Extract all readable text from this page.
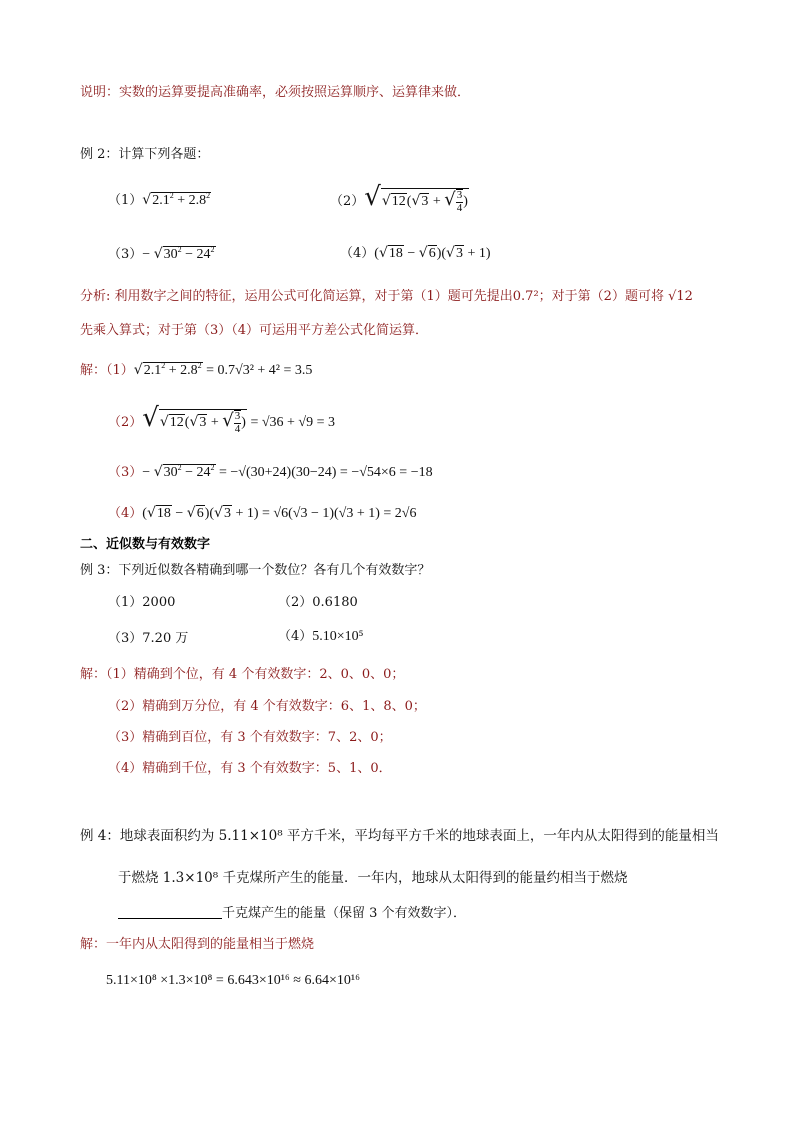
说明：实数的运算要提高准确率，必须按照运算顺序、运算律来做．
例 2：计算下列各题：
$(1)√2.1^2 + 2.8^2$	（2）√√12(√3 + √ $\frac{3}{4}$ )
$(3)- √30^2 - 24^2$	（4）(√18 − √6)(√3 + 1)
分析: 利用数字之间的特征，运用公式可化简运算，对于第（1）题可先提出0.7²；对于第（2）题可将 √12
先乘入算式；对于第（3）（4）可运用平方差公式化简运算．
解：$(1)√2.1^2 + 2.8^2 = 0.7√3^2 + 4^2 = 3.5$
（2）√√12(√3 + √ $\frac{3}{4}$ ) = √36 + √9 = 3
$(3)- √30^2 - 24^2 = -√(30+24)(30-24) = -√54\times 6 = -18$
（4）(√18 − √6)(√3 + 1) = √6(√3 − 1)(√3 + 1) = 2√6
二、近似数与有效数字
例 3：下列近似数各精确到哪一个数位？各有几个有效数字？
（1）2000	（2）0.6180
（3）7.20 万	（4）5.10×10⁵
解：（1）精确到个位，有 4 个有效数字：2、0、0、0；
（2）精确到万分位，有 4 个有效数字：6、1、8、0；
（3）精确到百位，有 3 个有效数字：7、2、0；
（4）精确到千位，有 3 个有效数字：5、1、0．
例 4：地球表面积约为 5.11×10⁸ 平方千米，平均每平方千米的地球表面上，一年内从太阳得到的能量相当
于燃烧 1.3×10⁸ 千克煤所产生的能量．一年内，地球从太阳得到的能量约相当于燃烧
千克煤产生的能量（保留 3 个有效数字）．
解：一年内从太阳得到的能量相当于燃烧
5.11×10⁸ ×1.3×10⁸ = 6.643×10¹⁶ ≈ 6.64×10¹⁶
